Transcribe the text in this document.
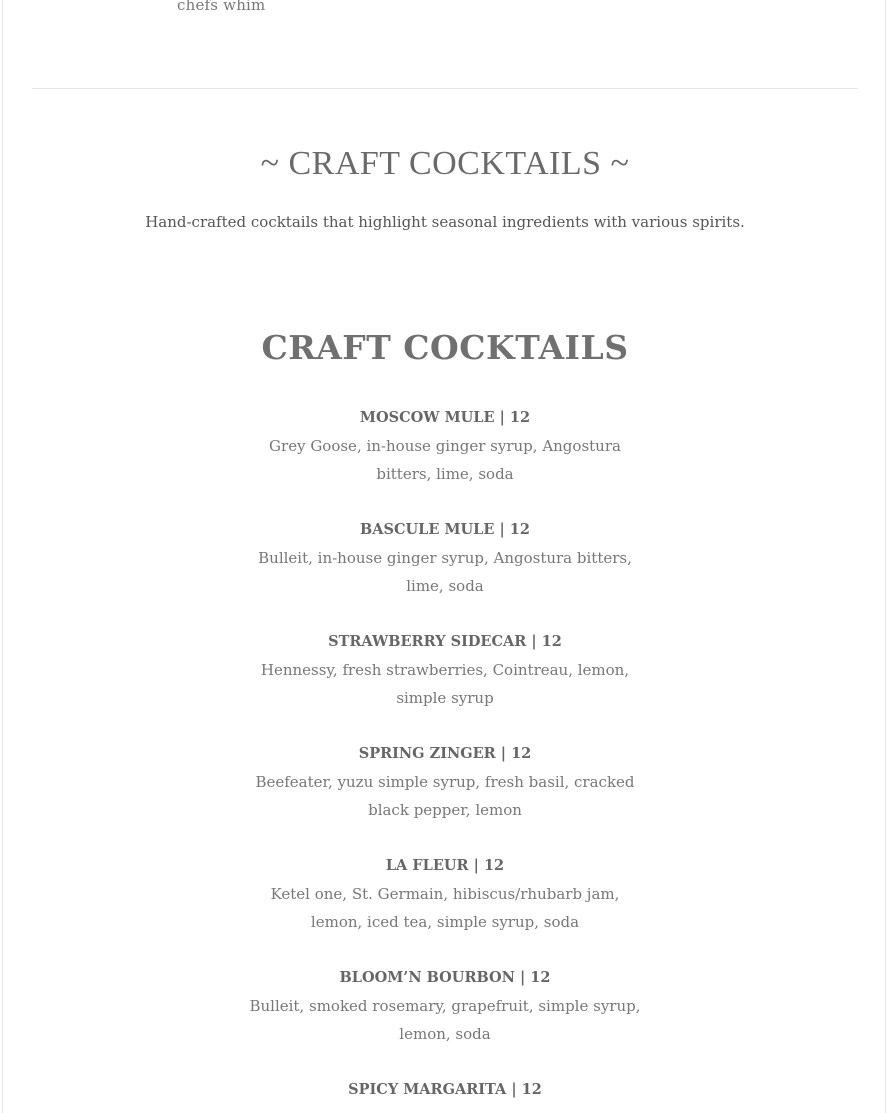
chefs whim
~ CRAFT COCKTAILS ~
Hand-crafted cocktails that highlight seasonal ingredients with various spirits.
CRAFT COCKTAILS
MOSCOW MULE | 12
Grey Goose, in-house ginger syrup, Angostura bitters, lime, soda
BASCULE MULE | 12
Bulleit, in-house ginger syrup, Angostura bitters, lime, soda
STRAWBERRY SIDECAR | 12
Hennessy, fresh strawberries, Cointreau, lemon, simple syrup
SPRING ZINGER | 12
Beefeater, yuzu simple syrup, fresh basil, cracked black pepper, lemon
LA FLEUR | 12
Ketel one, St. Germain, hibiscus/rhubarb jam, lemon, iced tea, simple syrup, soda
BLOOM’N BOURBON | 12
Bulleit, smoked rosemary, grapefruit, simple syrup, lemon, soda
SPICY MARGARITA | 12
